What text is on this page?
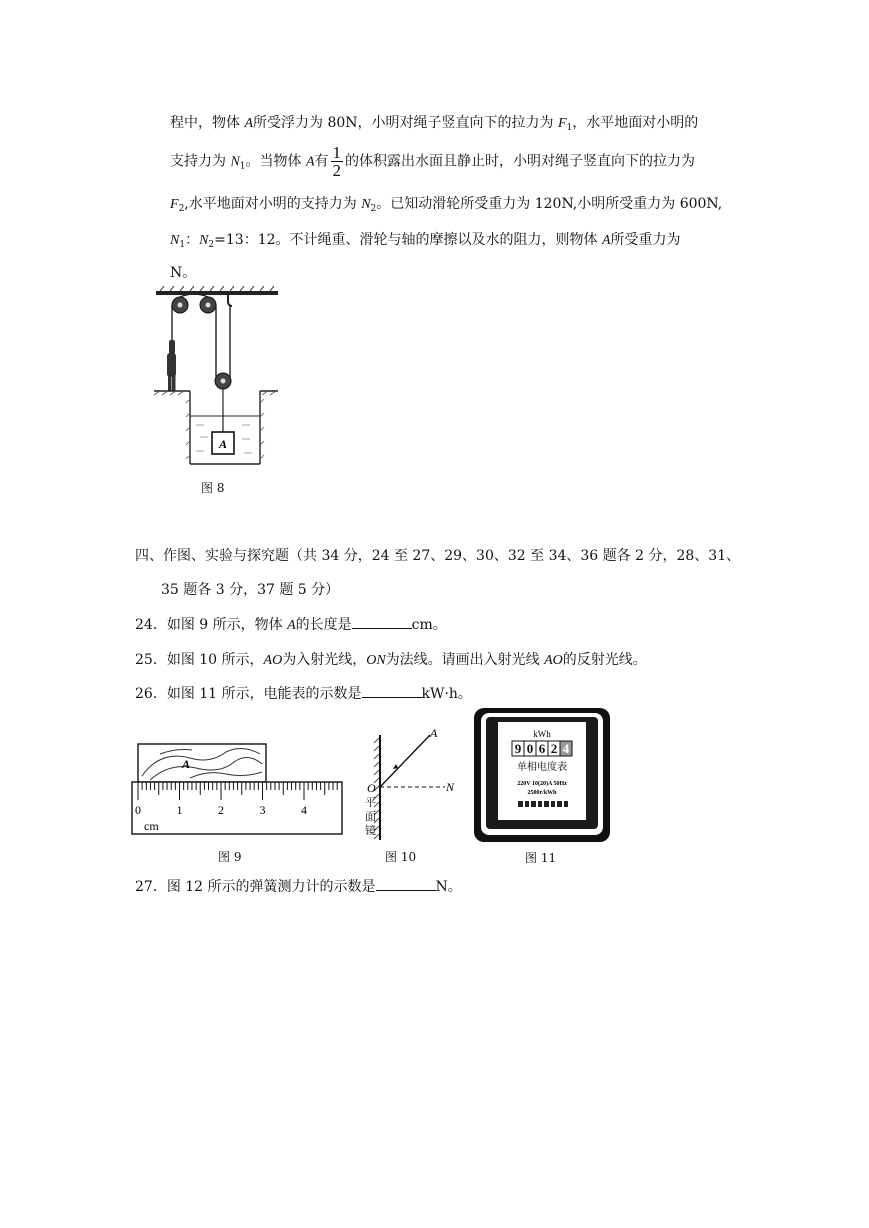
程中，物体 A所受浮力为 80N，小明对绳子竖直向下的拉力为 $F_1$，水平地面对小明的
支持力为 $N_1$。当物体 A有 $\frac{1}{2}$ 的体积露出水面且静止时，小明对绳子竖直向下的拉力为
$F_2$,水平地面对小明的支持力为 $N_2$。已知动滑轮所受重力为 120N,小明所受重力为 600N,
$N_1$：$N_2=13$：12。不计绳重、滑轮与轴的摩擦以及水的阻力，则物体 A所受重力为
N。
A
图 8
四、作图、实验与探究题（共 34 分，24 至 27、29、30、32 至 34、36 题各 2 分，28、31、
35 题各 3 分，37 题 5 分）
24．如图 9 所示，物体 A的长度是	cm。
25．如图 10 所示，AO为入射光线，ON为法线。请画出入射光线 AO的反射光线。
26．如图 11 所示，电能表的示数是	kW·h。
A
0	1	2	3	4
cm
图 9
A
O	N
平
面
镜
图 10
kWh
9 0 6 2 4
单相电度表
220V 10(20)A 50Hz
2500r/kWh
图 11
27．图 12 所示的弹簧测力计的示数是	N。
